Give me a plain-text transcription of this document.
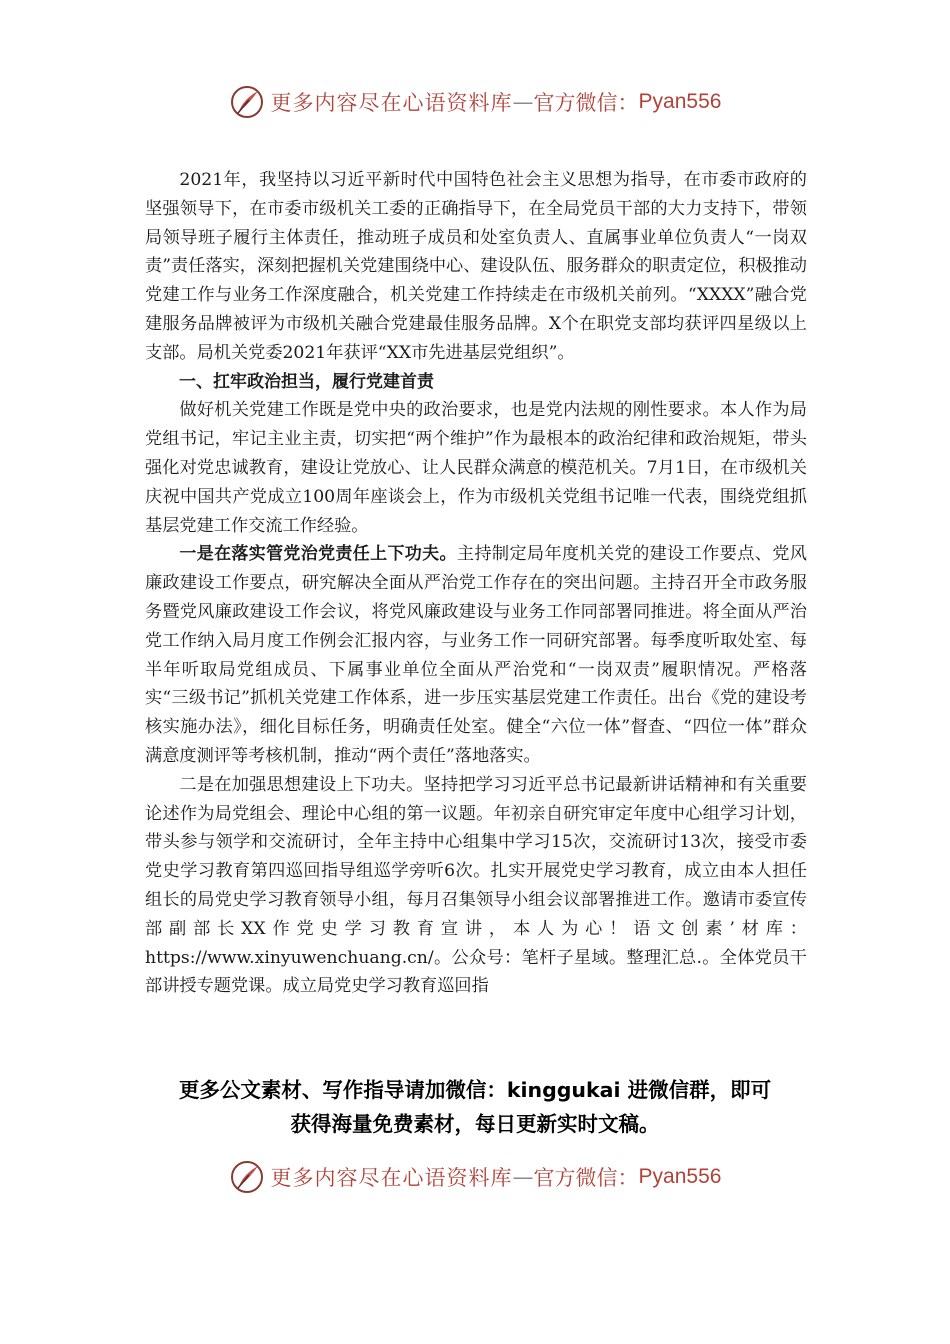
更多内容尽在心语资料库 — 官方微信： Pyan556

2021年，我坚持以习近平新时代中国特色社会主义思想为指导，在市委市政府的坚强领导下，在市委市级机关工委的正确指导下，在全局党员干部的大力支持下，带领局领导班子履行主体责任，推动班子成员和处室负责人、直属事业单位负责人“一岗双责”责任落实，深刻把握机关党建围绕中心、建设队伍、服务群众的职责定位，积极推动党建工作与业务工作深度融合，机关党建工作持续走在市级机关前列。“XXXX”融合党建服务品牌被评为市级机关融合党建最佳服务品牌。X个在职党支部均获评四星级以上支部。局机关党委2021年获评“XX市先进基层党组织”。

一、扛牢政治担当，履行党建首责

做好机关党建工作既是党中央的政治要求，也是党内法规的刚性要求。本人作为局党组书记，牢记主业主责，切实把“两个维护”作为最根本的政治纪律和政治规矩，带头强化对党忠诚教育，建设让党放心、让人民群众满意的模范机关。7月1日，在市级机关庆祝中国共产党成立100周年座谈会上，作为市级机关党组书记唯一代表，围绕党组抓基层党建工作交流工作经验。

一是在落实管党治党责任上下功夫。主持制定局年度机关党的建设工作要点、党风廉政建设工作要点，研究解决全面从严治党工作存在的突出问题。主持召开全市政务服务暨党风廉政建设工作会议，将党风廉政建设与业务工作同部署同推进。将全面从严治党工作纳入局月度工作例会汇报内容，与业务工作一同研究部署。每季度听取处室、每半年听取局党组成员、下属事业单位全面从严治党和“一岗双责”履职情况。严格落实“三级书记”抓机关党建工作体系，进一步压实基层党建工作责任。出台《党的建设考核实施办法》，细化目标任务，明确责任处室。健全“六位一体”督查、“四位一体”群众满意度测评等考核机制，推动“两个责任”落地落实。

二是在加强思想建设上下功夫。坚持把学习习近平总书记最新讲话精神和有关重要论述作为局党组会、理论中心组的第一议题。年初亲自研究审定年度中心组学习计划，带头参与领学和交流研讨，全年主持中心组集中学习15次，交流研讨13次，接受市委党史学习教育第四巡回指导组巡学旁听6次。扎实开展党史学习教育，成立由本人担任组长的局党史学习教育领导小组，每月召集领导小组会议部署推进工作。邀请市委宣传部副部长XX作党史学习教育宣讲，本人为心！语文创素’材库：https://www.xinyuwenchuang.cn/。公众号：笔杆子星域。整理汇总.。全体党员干部讲授专题党课。成立局党史学习教育巡回指

更多公文素材、写作指导请加微信：kinggukai 进微信群，即可
获得海量免费素材，每日更新实时文稿。
更多内容尽在心语资料库 — 官方微信： Pyan556
